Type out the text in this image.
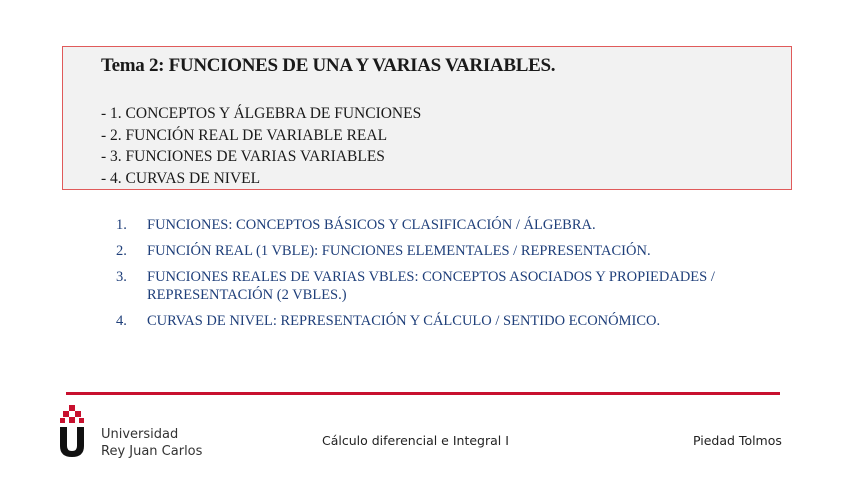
Tema 2: FUNCIONES DE UNA Y VARIAS VARIABLES.
- 1. CONCEPTOS Y ÁLGEBRA DE FUNCIONES
- 2. FUNCIÓN REAL DE VARIABLE REAL
- 3. FUNCIONES DE VARIAS VARIABLES
- 4. CURVAS DE NIVEL
1.	FUNCIONES: CONCEPTOS BÁSICOS Y CLASIFICACIÓN / ÁLGEBRA.
2.	FUNCIÓN REAL (1 VBLE): FUNCIONES ELEMENTALES / REPRESENTACIÓN.
3.	FUNCIONES REALES DE VARIAS VBLES: CONCEPTOS ASOCIADOS Y PROPIEDADES / REPRESENTACIÓN (2 VBLES.)
4.	CURVAS DE NIVEL: REPRESENTACIÓN Y CÁLCULO / SENTIDO ECONÓMICO.
Universidad
Rey Juan Carlos
Cálculo diferencial e Integral I	Piedad Tolmos
